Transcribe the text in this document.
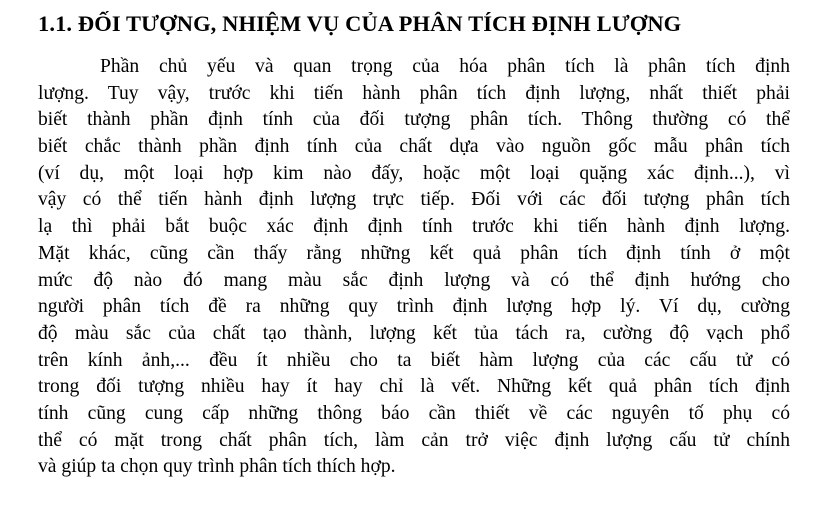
1.1. ĐỐI TƯỢNG, NHIỆM VỤ CỦA PHÂN TÍCH ĐỊNH LƯỢNG
Phần chủ yếu và quan trọng của hóa phân tích là phân tích định
lượng. Tuy vậy, trước khi tiến hành phân tích định lượng, nhất thiết phải
biết thành phần định tính của đối tượng phân tích. Thông thường có thể
biết chắc thành phần định tính của chất dựa vào nguồn gốc mẫu phân tích
(ví dụ, một loại hợp kim nào đấy, hoặc một loại quặng xác định...), vì
vậy có thể tiến hành định lượng trực tiếp. Đối với các đối tượng phân tích
lạ thì phải bắt buộc xác định định tính trước khi tiến hành định lượng.
Mặt khác, cũng cần thấy rằng những kết quả phân tích định tính ở một
mức độ nào đó mang màu sắc định lượng và có thể định hướng cho
người phân tích đề ra những quy trình định lượng hợp lý. Ví dụ, cường
độ màu sắc của chất tạo thành, lượng kết tủa tách ra, cường độ vạch phổ
trên kính ảnh,... đều ít nhiều cho ta biết hàm lượng của các cấu tử có
trong đối tượng nhiều hay ít hay chỉ là vết. Những kết quả phân tích định
tính cũng cung cấp những thông báo cần thiết về các nguyên tố phụ có
thể có mặt trong chất phân tích, làm cản trở việc định lượng cấu tử chính
và giúp ta chọn quy trình phân tích thích hợp.
